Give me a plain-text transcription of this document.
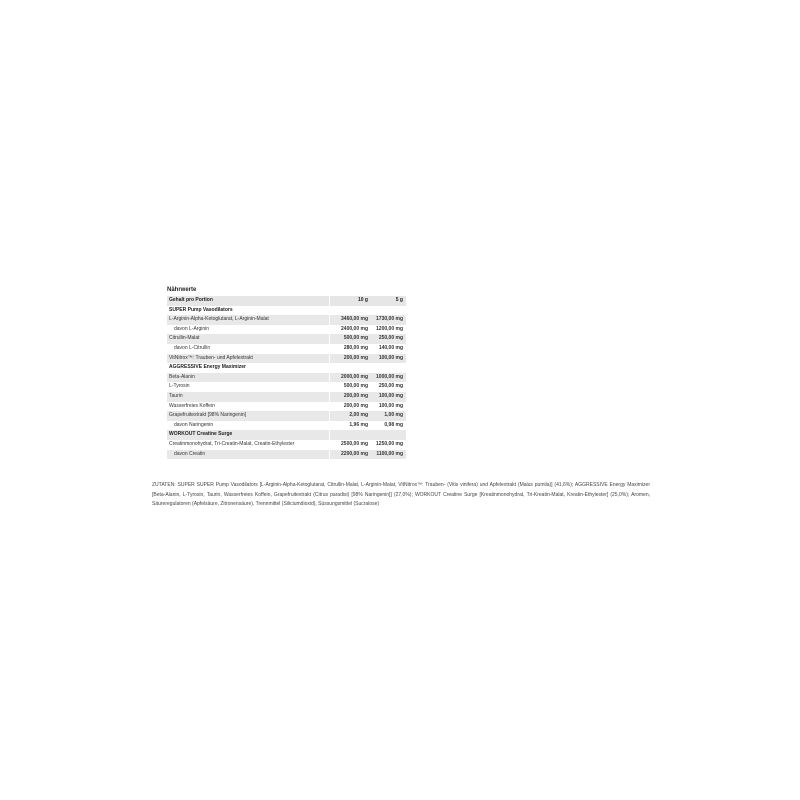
Nährwerte
Gehalt pro Portion	10 g	5 g
SUPER Pump Vasodilators		
L-Arginin-Alpha-Ketoglutarat, L-Arginin-Malat	3460,00 mg	1730,00 mg
davon L-Arginin	2400,00 mg	1200,00 mg
Citrullin-Malat	500,00 mg	250,00 mg
davon L-Citrullin	280,00 mg	140,00 mg
VitNitrox™: Trauben- und Apfelextrakt	200,00 mg	100,00 mg
AGGRESSIVE Energy Maximizer		
Beta-Alanin	2000,00 mg	1000,00 mg
L-Tyrosin	500,00 mg	250,00 mg
Taurin	200,00 mg	100,00 mg
Wasserfreies Koffein	200,00 mg	100,00 mg
Grapefruitextrakt [98% Naringenin]	2,00 mg	1,00 mg
davon Naringenin	1,96 mg	0,98 mg
WORKOUT Creatine Surge		
Creatinmonohydrat, Tri-Creatin-Malat, Creatin-Ethylester	2500,00 mg	1250,00 mg
davon Creatin	2200,00 mg	1100,00 mg
ZUTATEN: SUPER SUPER Pump Vasodilators [L-Arginin-Alpha-Ketoglutarat, Citrullin-Malat, L-Arginin-Malat, VitNitrox™: Trauben- (Vitis vinifera) und Apfelextrakt (Malus pumila)] (41,6%); AGGRESSIVE Energy Maximizer [Beta-Alanin, L-Tyrosin, Taurin, Wasserfreies Koffein, Grapefruitextrakt (Citrus paradisi) [98% Naringenin]] (27,0%); WORKOUT Creatine Surge [Kreatinmonohydrat, Tri-Kreatin-Malat, Kreatin-Ethylester] (25,0%); Aromen, Säureregulatoren (Apfelsäure, Zitronensäure), Trennmittel (Siliciumdioxid), Süssungsmittel (Sucralose)
